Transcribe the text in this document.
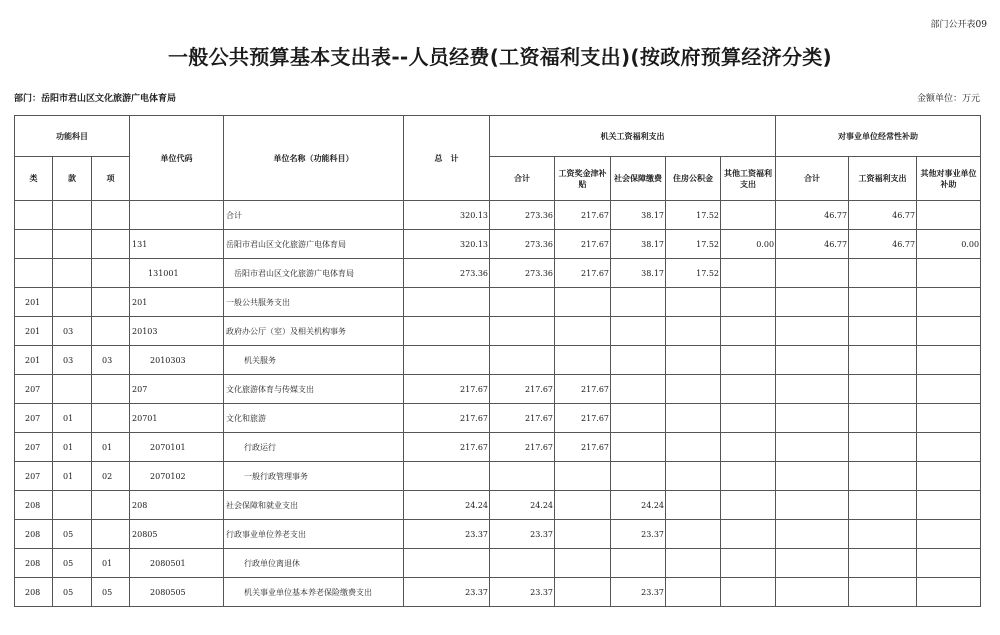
部门公开表09
一般公共预算基本支出表--人员经费(工资福利支出)(按政府预算经济分类)
部门：岳阳市君山区文化旅游广电体育局	金额单位：万元
功能科目			单位代码	单位名称（功能科目）	总　计	机关工资福利支出					对事业单位经常性补助		
类	款	项				合计	工资奖金津补贴	社会保障缴费	住房公积金	其他工资福利支出	合计	工资福利支出	其他对事业单位补助
				合计	320.13	273.36	217.67	38.17	17.52		46.77	46.77	
			131	岳阳市君山区文化旅游广电体育局	320.13	273.36	217.67	38.17	17.52	0.00	46.77	46.77	0.00
			131001	岳阳市君山区文化旅游广电体育局	273.36	273.36	217.67	38.17	17.52				
201			201	一般公共服务支出									
201	03		20103	政府办公厅（室）及相关机构事务									
201	03	03	2010303	机关服务									
207			207	文化旅游体育与传媒支出	217.67	217.67	217.67						
207	01		20701	文化和旅游	217.67	217.67	217.67						
207	01	01	2070101	行政运行	217.67	217.67	217.67						
207	01	02	2070102	一般行政管理事务									
208			208	社会保障和就业支出	24.24	24.24		24.24					
208	05		20805	行政事业单位养老支出	23.37	23.37		23.37					
208	05	01	2080501	行政单位离退休									
208	05	05	2080505	机关事业单位基本养老保险缴费支出	23.37	23.37		23.37					
